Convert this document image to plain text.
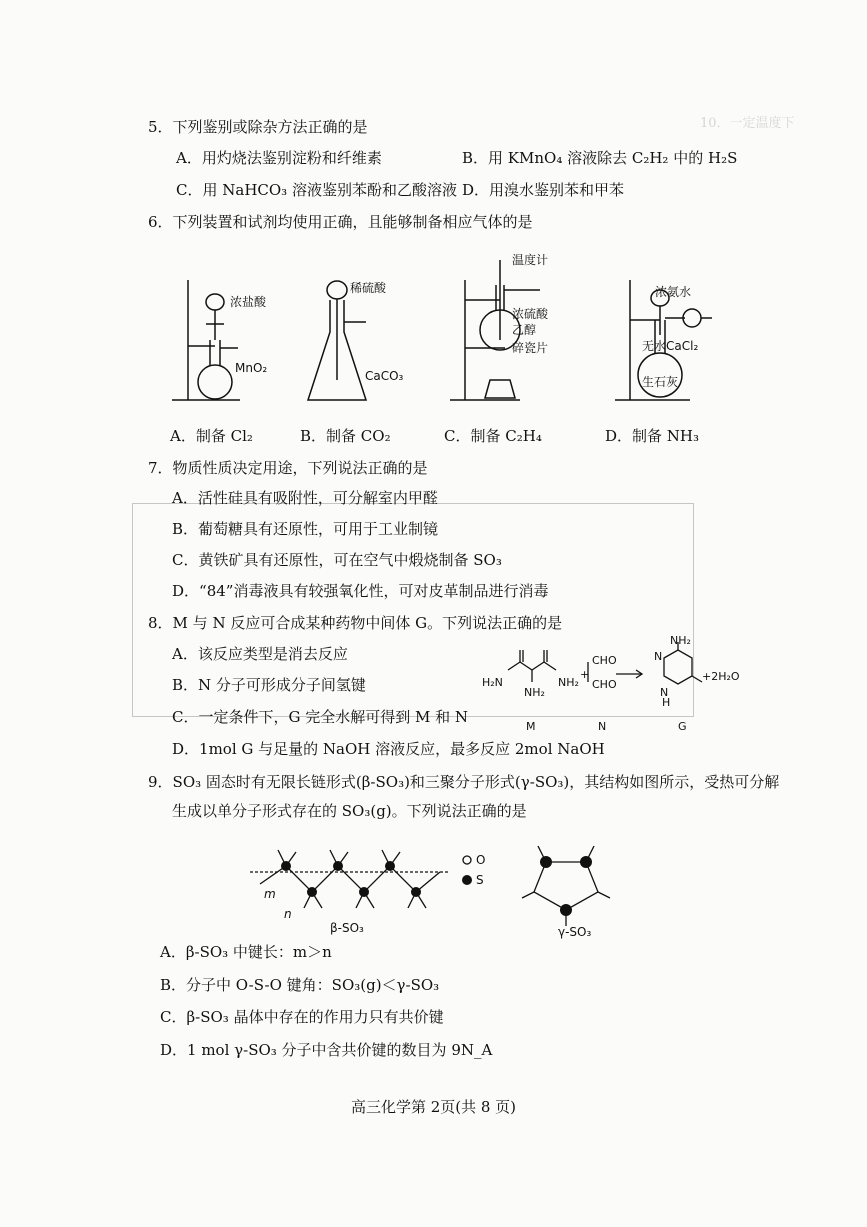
10．一定温度下
5．下列鉴别或除杂方法正确的是
A．用灼烧法鉴别淀粉和纤维素	B．用 KMnO₄ 溶液除去 C₂H₂ 中的 H₂S
C．用 NaHCO₃ 溶液鉴别苯酚和乙酸溶液 D．用溴水鉴别苯和甲苯
6．下列装置和试剂均使用正确，且能够制备相应气体的是
浓盐酸
MnO₂
稀硫酸
CaCO₃
温度计
浓硫酸
乙醇
碎瓷片
浓氨水
无水CaCl₂
生石灰
A．制备 Cl₂	B．制备 CO₂	C．制备 C₂H₄	D．制备 NH₃
7．物质性质决定用途，下列说法正确的是
A．活性硅具有吸附性，可分解室内甲醛
B．葡萄糖具有还原性，可用于工业制镜
C．黄铁矿具有还原性，可在空气中煅烧制备 SO₃
D．“84”消毒液具有较强氧化性，可对皮革制品进行消毒
8．M 与 N 反应可合成某种药物中间体 G。下列说法正确的是
A．该反应类型是消去反应
B．N 分子可形成分子间氢键
C．一定条件下，G 完全水解可得到 M 和 N
D．1mol G 与足量的 NaOH 溶液反应，最多反应 2mol NaOH
H₂N
NH₂
NH₂
+
CHO
CHO
NH₂
N
N
H
+2H₂O
M	N	G
9．SO₃ 固态时有无限长链形式(β-SO₃)和三聚分子形式(γ-SO₃)，其结构如图所示，受热可分解
生成以单分子形式存在的 SO₃(g)。下列说法正确的是
m
n
β-SO₃	γ-SO₃
O
S
A．β-SO₃ 中键长：m＞n
B．分子中 O-S-O 键角：SO₃(g)＜γ-SO₃
C．β-SO₃ 晶体中存在的作用力只有共价键
D．1 mol γ-SO₃ 分子中含共价键的数目为 9N_A
高三化学第 2页(共 8 页)
